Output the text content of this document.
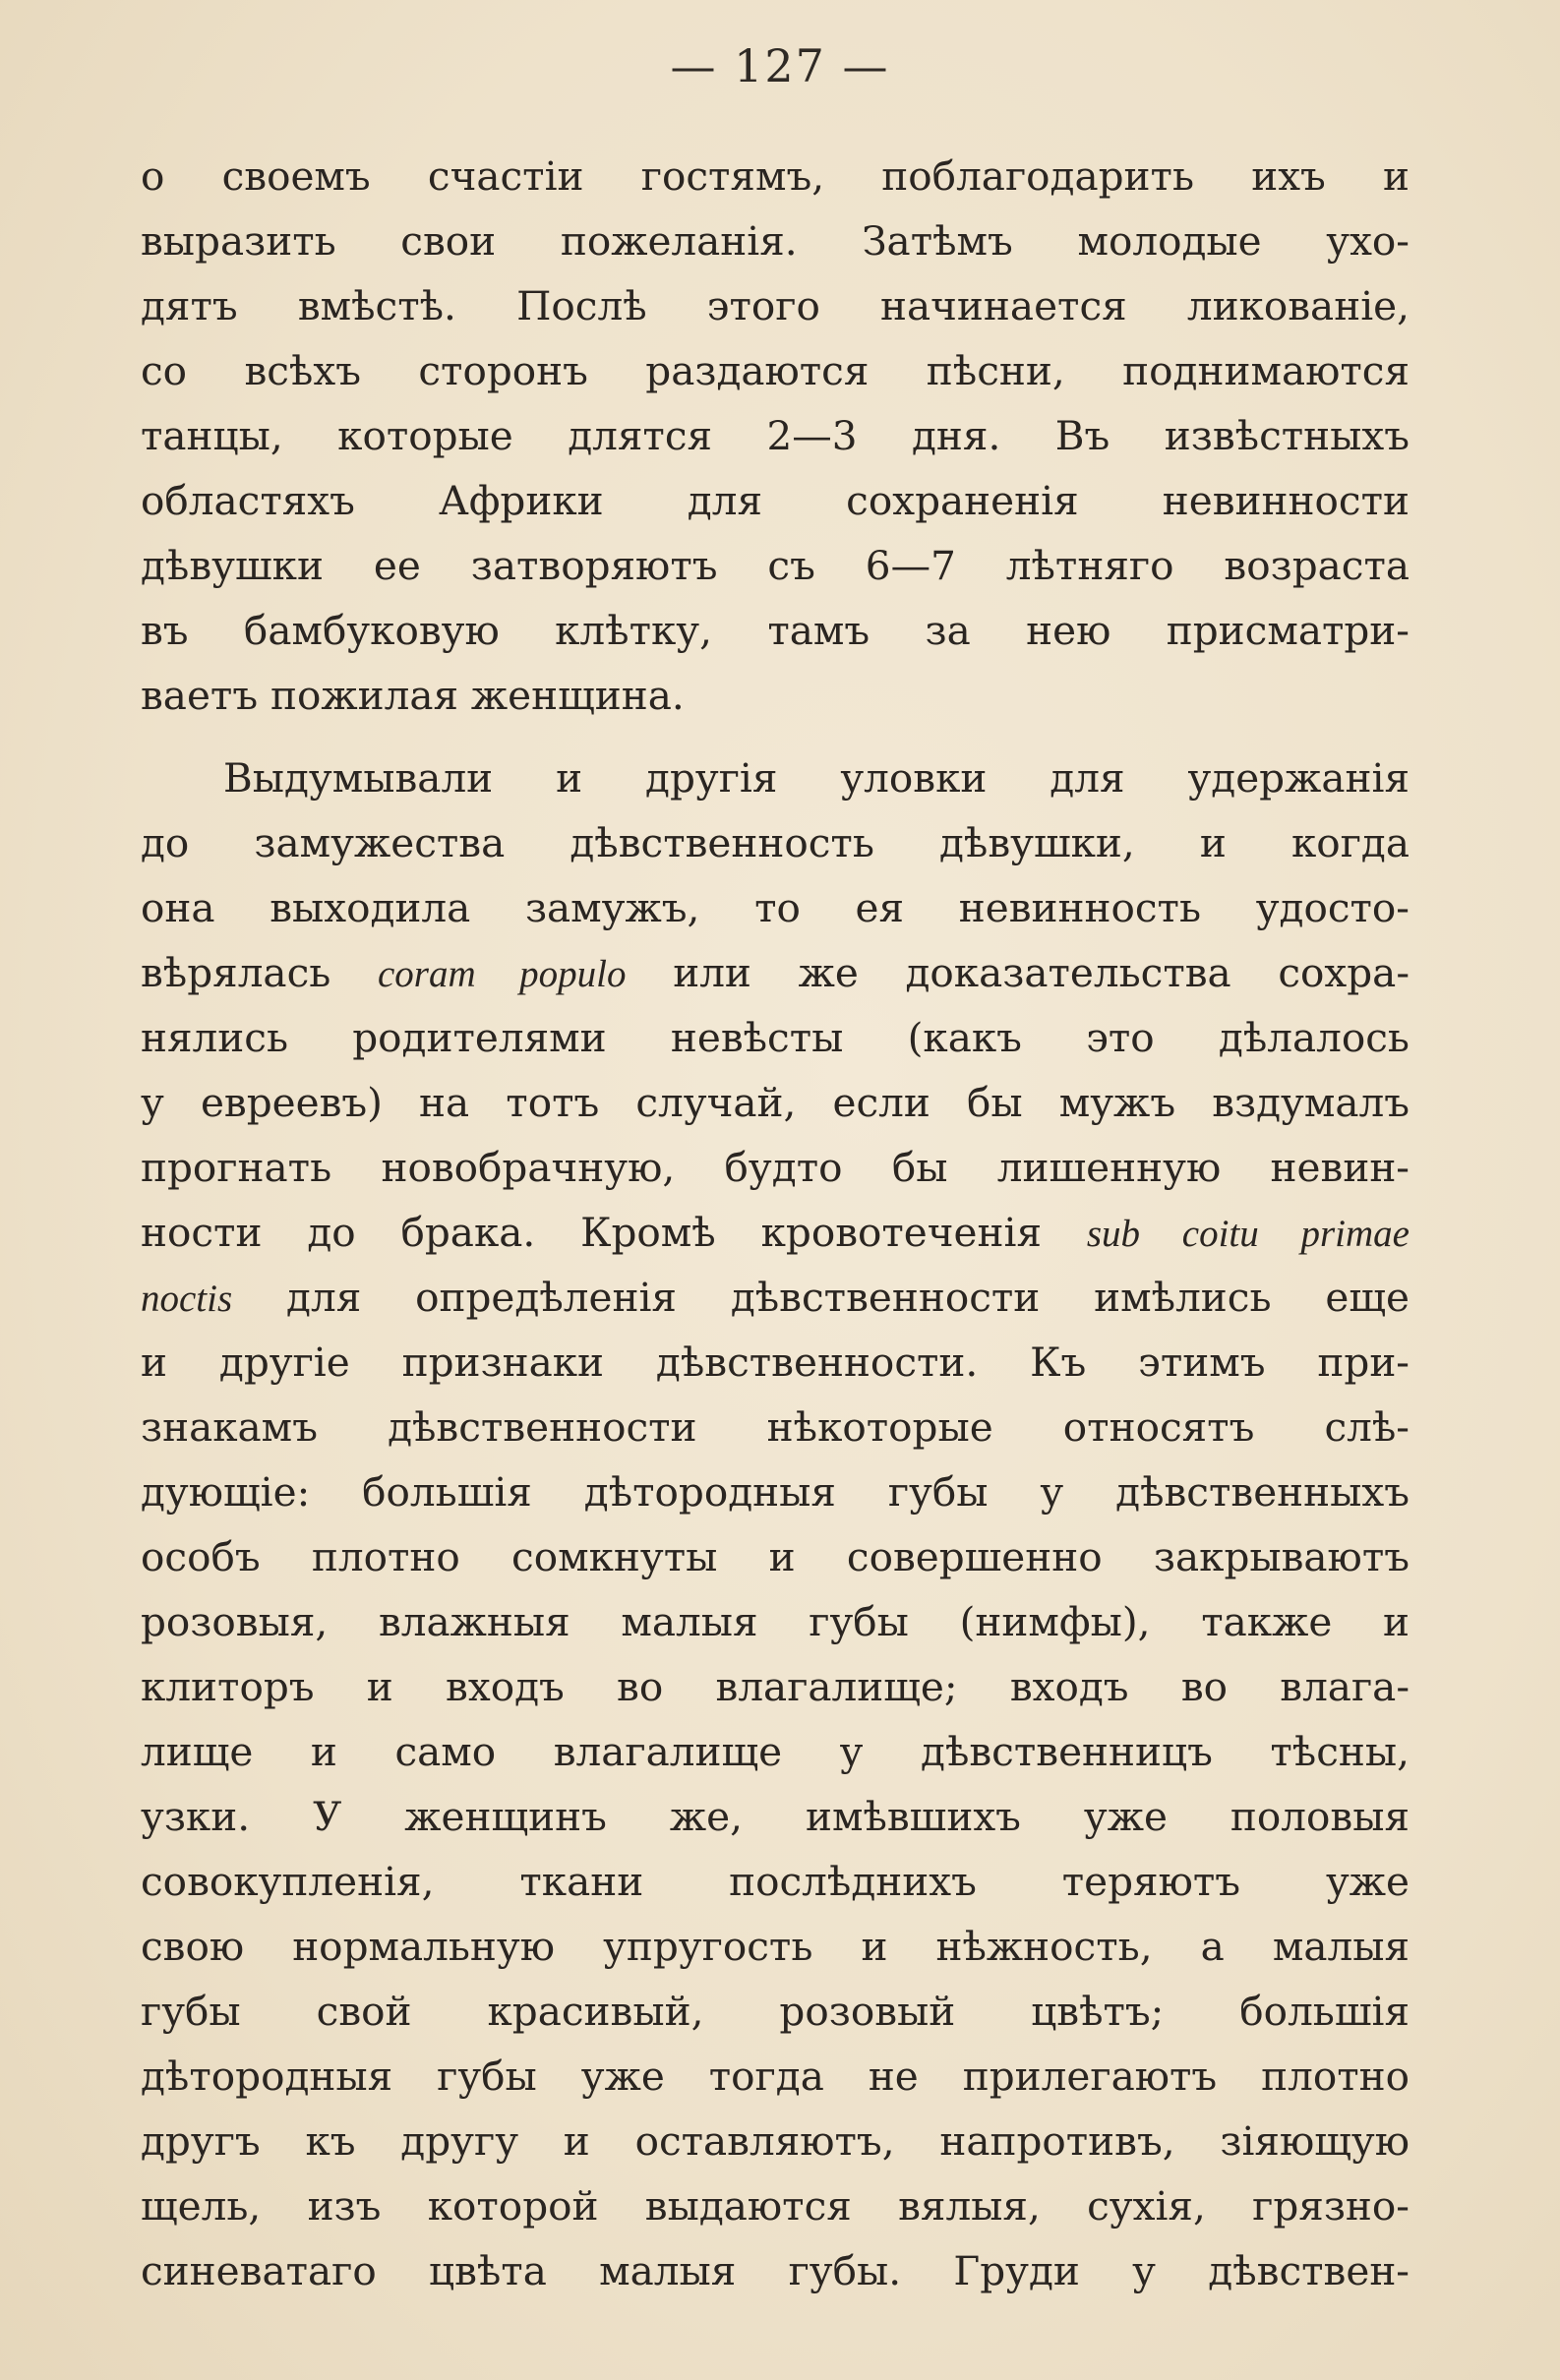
— 127 —
о своемъ счастiи гостямъ, поблагодарить ихъ и
выразить свои пожеланiя. Затѣмъ молодые ухо-
дятъ вмѣстѣ. Послѣ этого начинается ликованiе,
со всѣхъ сторонъ раздаются пѣсни, поднимаются
танцы, которые длятся 2—3 дня. Въ извѣстныхъ
областяхъ Африки для сохраненiя невинности
дѣвушки ее затворяютъ съ 6—7 лѣтняго возраста
въ бамбуковую клѣтку, тамъ за нею присматри-
ваетъ пожилая женщина.
Выдумывали и другiя уловки для удержанiя
до замужества дѣвственность дѣвушки, и когда
она выходила замужъ, то ея невинность удосто-
вѣрялась coram populo или же доказательства сохра-
нялись родителями невѣсты (какъ это дѣлалось
у евреевъ) на тотъ случай, если бы мужъ вздумалъ
прогнать новобрачную, будто бы лишенную невин-
ности до брака. Кромѣ кровотеченiя sub coitu primae
noctis для опредѣленiя дѣвственности имѣлись еще
и другiе признаки дѣвственности. Къ этимъ при-
знакамъ дѣвственности нѣкоторые относятъ слѣ-
дующiе: большiя дѣтородныя губы у дѣвственныхъ
особъ плотно сомкнуты и совершенно закрываютъ
розовыя, влажныя малыя губы (нимфы), также и
клиторъ и входъ во влагалище; входъ во влага-
лище и само влагалище у дѣвственницъ тѣсны,
узки. У женщинъ же, имѣвшихъ уже половыя
совокупленiя, ткани послѣднихъ теряютъ уже
свою нормальную упругость и нѣжность, а малыя
губы свой красивый, розовый цвѣтъ; большiя
дѣтородныя губы уже тогда не прилегаютъ плотно
другъ къ другу и оставляютъ, напротивъ, зiяющую
щель, изъ которой выдаются вялыя, сухiя, грязно-
синеватаго цвѣта малыя губы. Груди у дѣвствен-
